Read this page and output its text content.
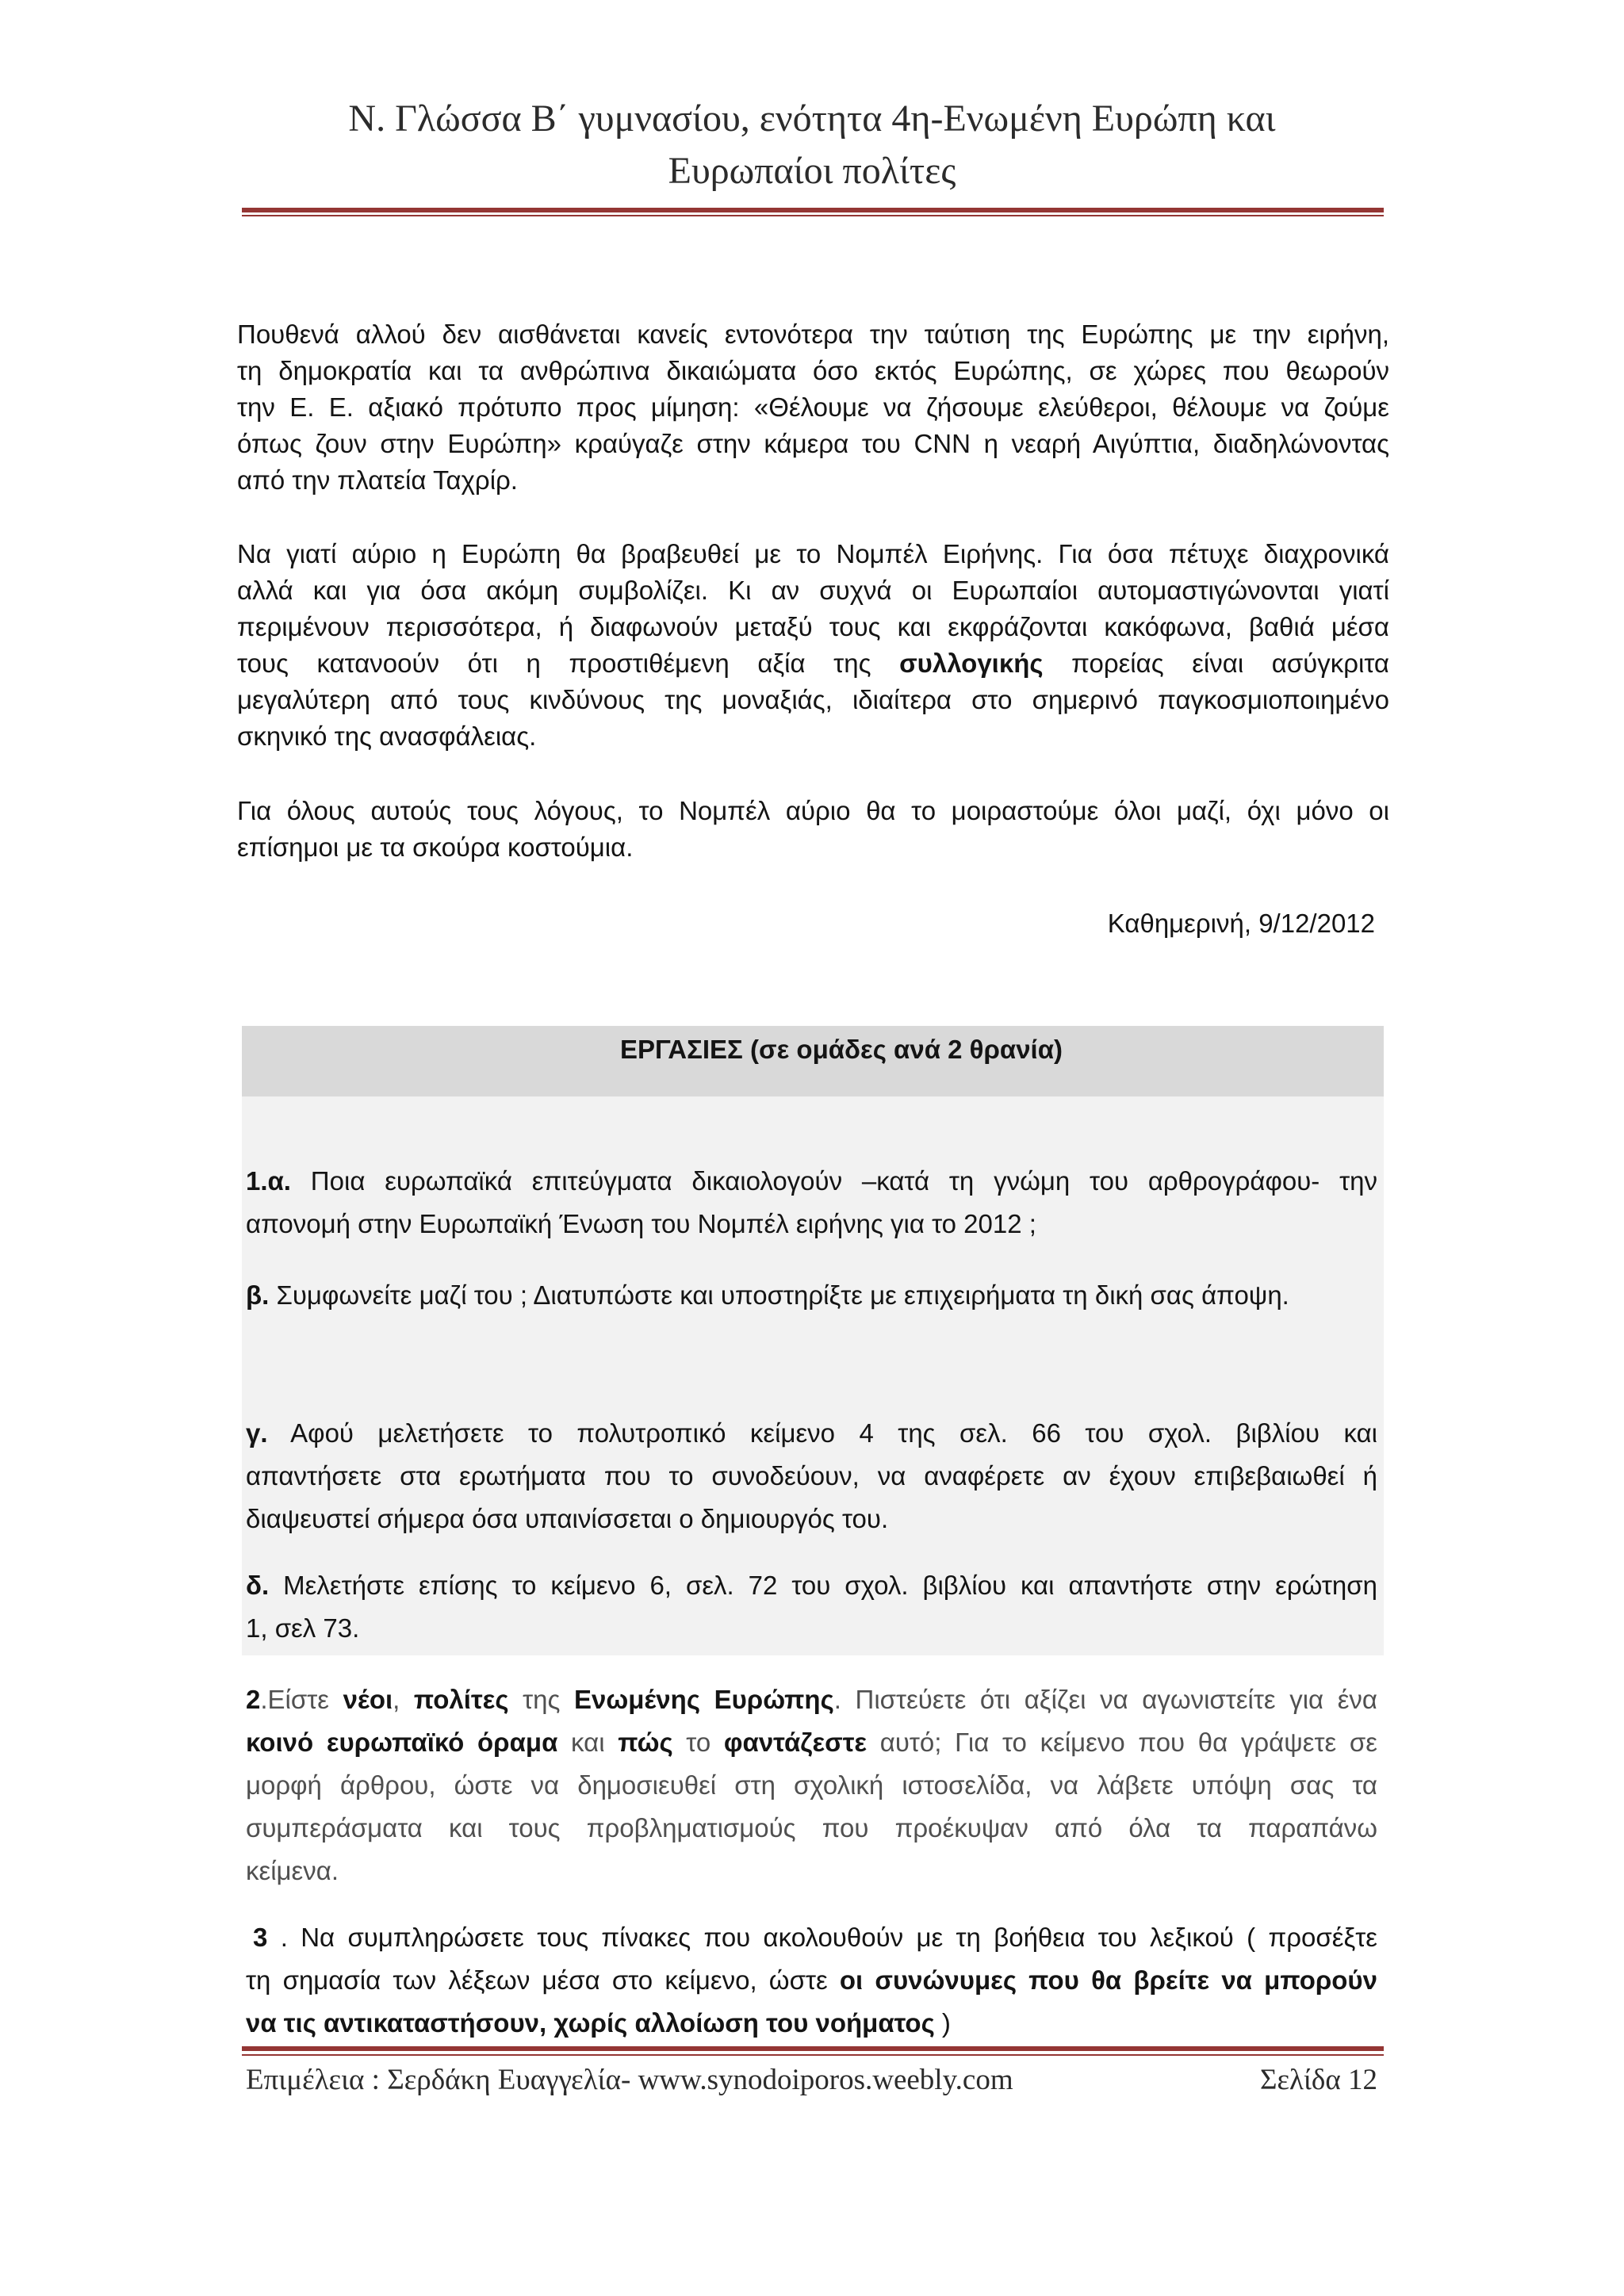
Ν. Γλώσσα Β΄ γυμνασίου, ενότητα 4η-Ενωμένη Ευρώπη και
Ευρωπαίοι πολίτες
Πουθενά αλλού δεν αισθάνεται κανείς εντονότερα την ταύτιση της Ευρώπης με την ειρήνη,
τη δημοκρατία και τα ανθρώπινα δικαιώματα όσο εκτός Ευρώπης, σε χώρες που θεωρούν
την Ε. Ε. αξιακό πρότυπο προς μίμηση: «Θέλουμε να ζήσουμε ελεύθεροι, θέλουμε να ζούμε
όπως ζουν στην Ευρώπη» κραύγαζε στην κάμερα του CNN η νεαρή Αιγύπτια, διαδηλώνοντας
από την πλατεία Ταχρίρ.
Να γιατί αύριο η Ευρώπη θα βραβευθεί με το Νομπέλ Ειρήνης. Για όσα πέτυχε διαχρονικά
αλλά και για όσα ακόμη συμβολίζει. Κι αν συχνά οι Ευρωπαίοι αυτομαστιγώνονται γιατί
περιμένουν περισσότερα, ή διαφωνούν μεταξύ τους και εκφράζονται κακόφωνα, βαθιά μέσα
τους κατανοούν ότι η προστιθέμενη αξία της συλλογικής πορείας είναι ασύγκριτα
μεγαλύτερη από τους κινδύνους της μοναξιάς, ιδιαίτερα στο σημερινό παγκοσμιοποιημένο
σκηνικό της ανασφάλειας.
Για όλους αυτούς τους λόγους, το Νομπέλ αύριο θα το μοιραστούμε όλοι μαζί, όχι μόνο οι
επίσημοι με τα σκούρα κοστούμια.
Καθημερινή, 9/12/2012
ΕΡΓΑΣΙΕΣ (σε ομάδες ανά 2 θρανία)
1.α. Ποια ευρωπαϊκά επιτεύγματα δικαιολογούν –κατά τη γνώμη του αρθρογράφου- την
απονομή στην Ευρωπαϊκή Ένωση του Νομπέλ ειρήνης για το 2012 ;
β. Συμφωνείτε μαζί του ; Διατυπώστε και υποστηρίξτε με επιχειρήματα τη δική σας άποψη.
γ. Αφού μελετήσετε το πολυτροπικό κείμενο 4 της σελ. 66 του σχολ. βιβλίου και
απαντήσετε στα ερωτήματα που το συνοδεύουν, να αναφέρετε αν έχουν επιβεβαιωθεί ή
διαψευστεί σήμερα όσα υπαινίσσεται ο δημιουργός του.
δ. Μελετήστε επίσης το κείμενο 6, σελ. 72 του σχολ. βιβλίου και απαντήστε στην ερώτηση
1, σελ 73.
2.Είστε νέοι, πολίτες της Ενωμένης Ευρώπης. Πιστεύετε ότι αξίζει να αγωνιστείτε για ένα
κοινό ευρωπαϊκό όραμα και πώς το φαντάζεστε αυτό; Για το κείμενο που θα γράψετε σε
μορφή άρθρου, ώστε να δημοσιευθεί στη σχολική ιστοσελίδα, να λάβετε υπόψη σας τα
συμπεράσματα και τους προβληματισμούς που προέκυψαν από όλα τα παραπάνω
κείμενα.
3 . Να συμπληρώσετε τους πίνακες που ακολουθούν με τη βοήθεια του λεξικού ( προσέξτε
τη σημασία των λέξεων μέσα στο κείμενο, ώστε οι συνώνυμες που θα βρείτε να μπορούν
να τις αντικαταστήσουν, χωρίς αλλοίωση του νοήματος )
Επιμέλεια : Σερδάκη Ευαγγελία- www.synodoiporos.weebly.com	Σελίδα 12
